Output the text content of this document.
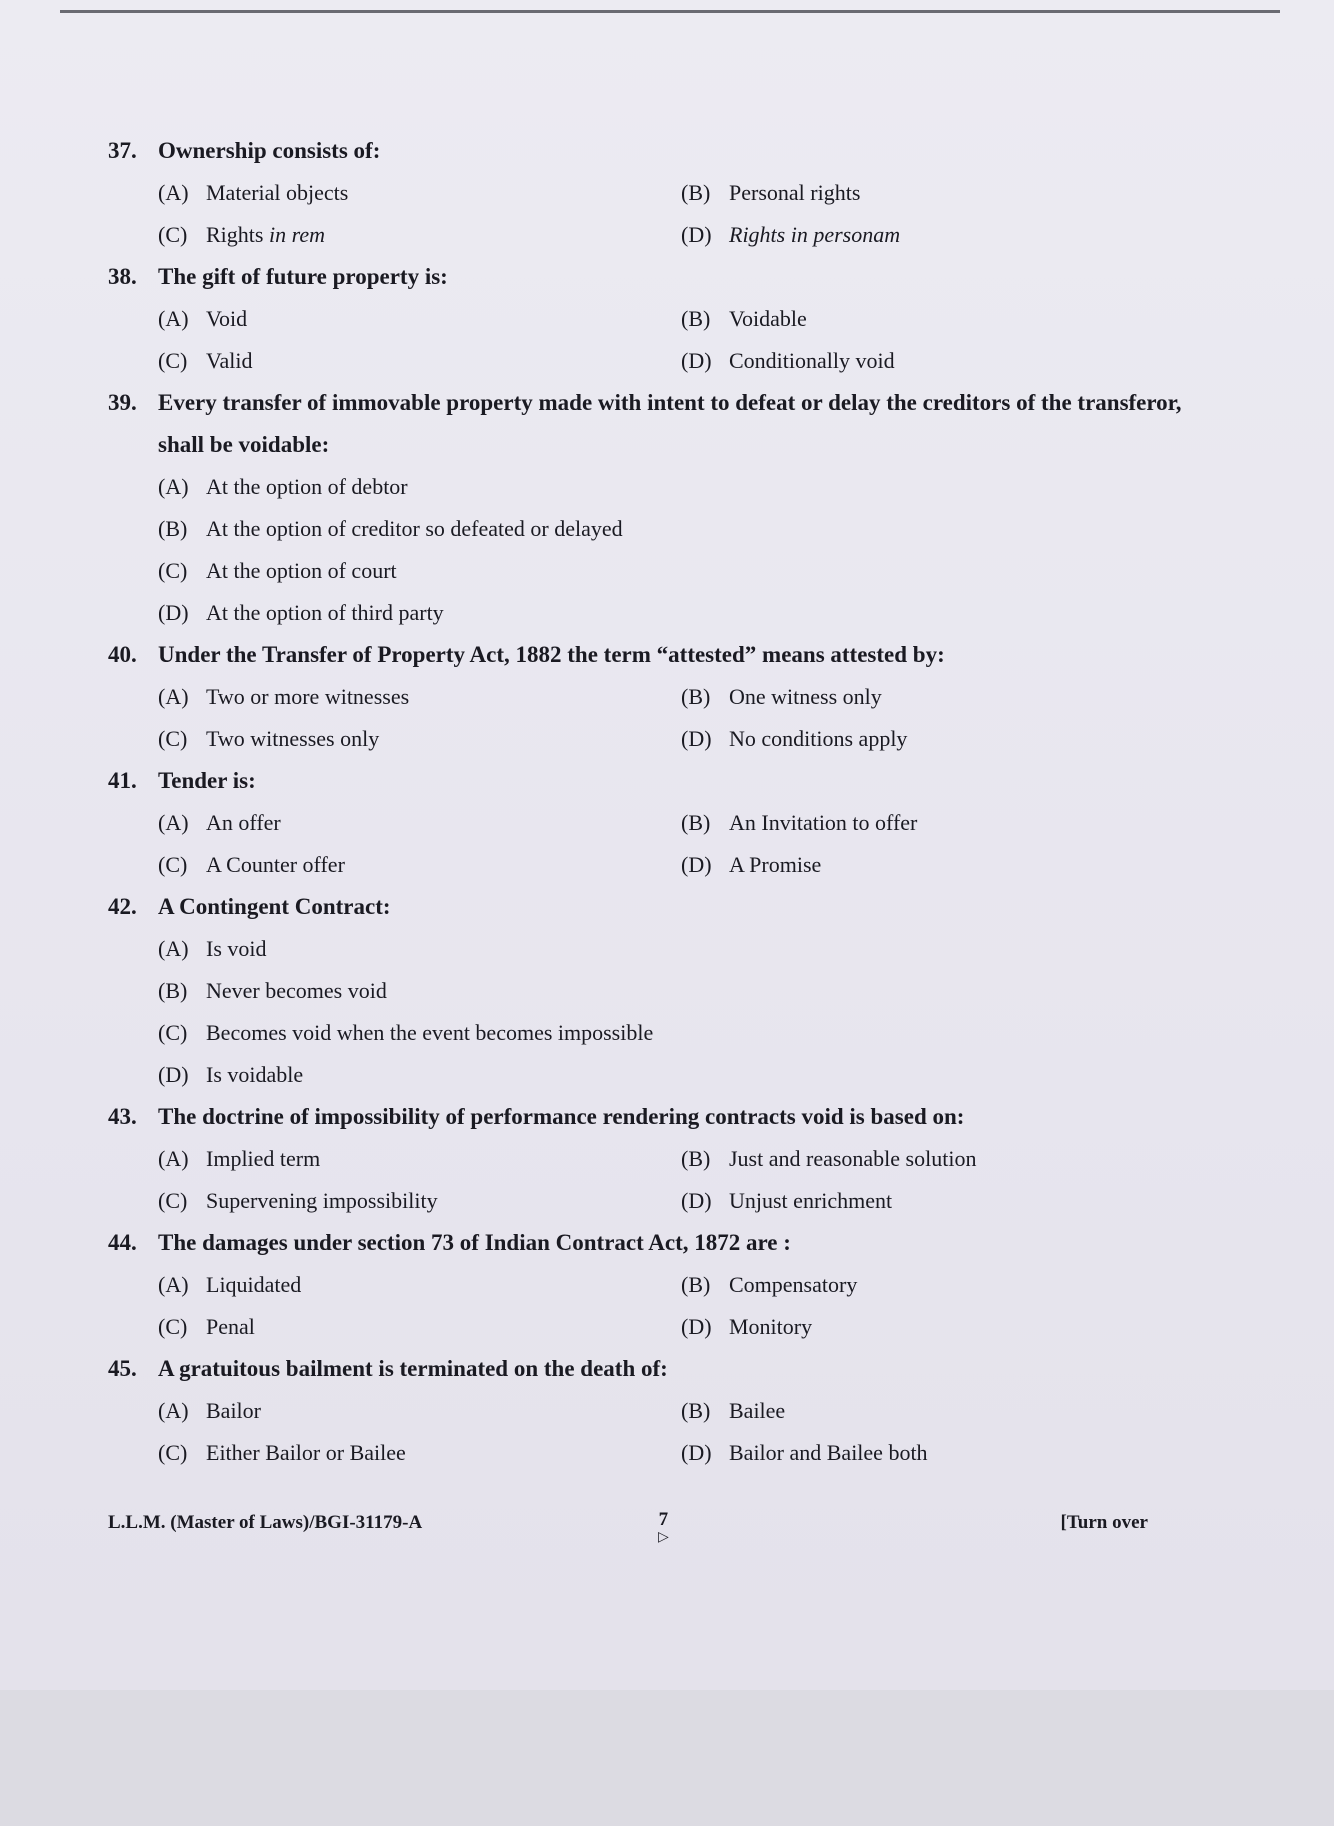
37. Ownership consists of:

(A) Material objects	(B) Personal rights
(C) Rights in rem	(D) Rights in personam

38. The gift of future property is:

(A) Void	(B) Voidable
(C) Valid	(D) Conditionally void

39. Every transfer of immovable property made with intent to defeat or delay the creditors of the transferor, shall be voidable:

(A) At the option of debtor
(B) At the option of creditor so defeated or delayed
(C) At the option of court
(D) At the option of third party

40. Under the Transfer of Property Act, 1882 the term “attested” means attested by:

(A) Two or more witnesses	(B) One witness only
(C) Two witnesses only	(D) No conditions apply

41. Tender is:

(A) An offer	(B) An Invitation to offer
(C) A Counter offer	(D) A Promise

42. A Contingent Contract:

(A) Is void
(B) Never becomes void
(C) Becomes void when the event becomes impossible
(D) Is voidable

43. The doctrine of impossibility of performance rendering contracts void is based on:

(A) Implied term	(B) Just and reasonable solution
(C) Supervening impossibility	(D) Unjust enrichment

44. The damages under section 73 of Indian Contract Act, 1872 are :

(A) Liquidated	(B) Compensatory
(C) Penal	(D) Monitory

45. A gratuitous bailment is terminated on the death of:

(A) Bailor	(B) Bailee
(C) Either Bailor or Bailee	(D) Bailor and Bailee both
L.L.M. (Master of Laws)/BGI-31179-A	7
▷
[Turn over
